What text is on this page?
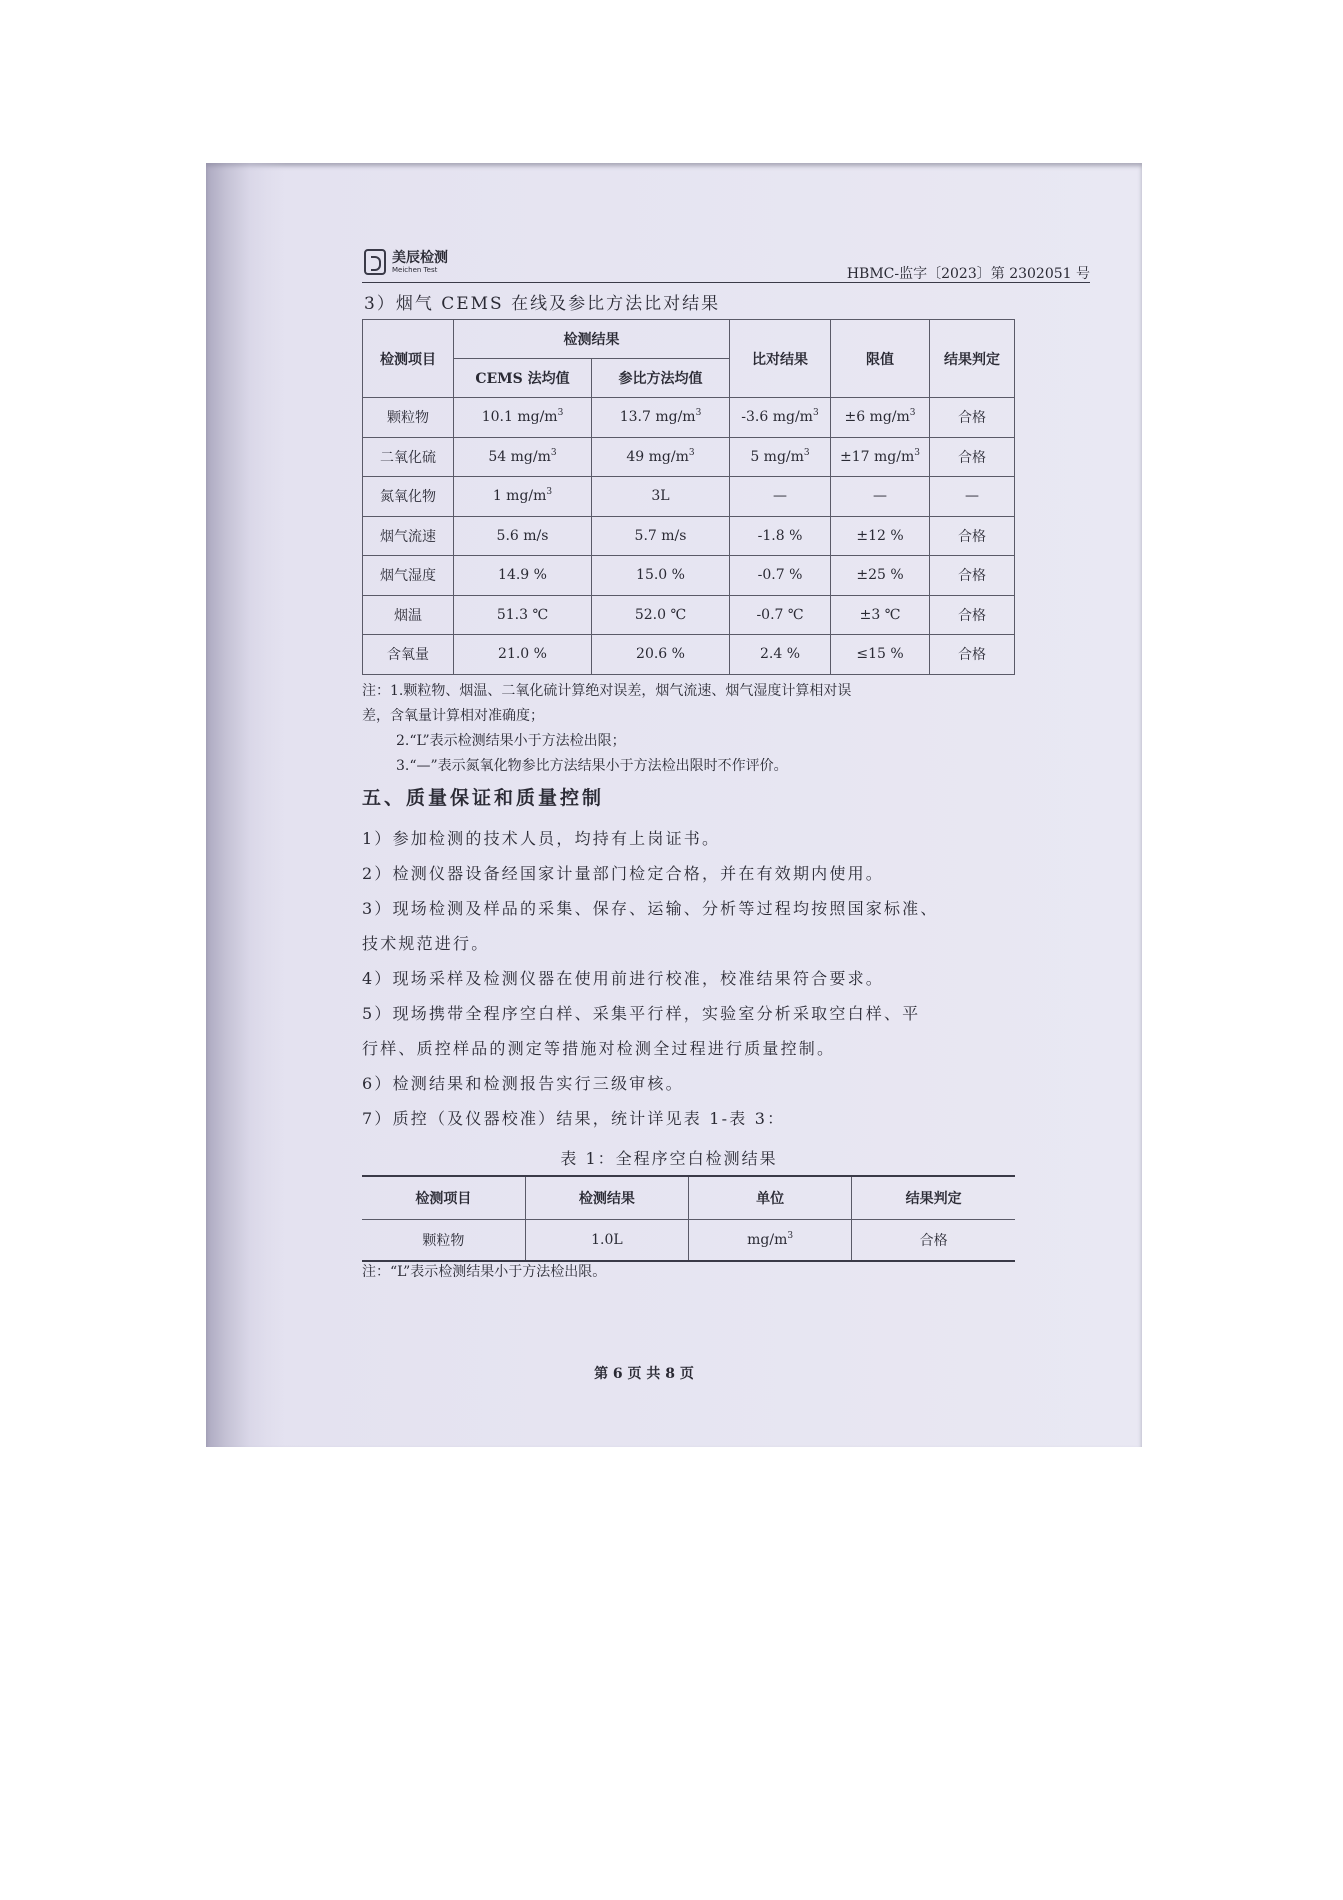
美辰检测
Meichen Test	HBMC-监字〔2023〕第 2302051 号
3）烟气 CEMS 在线及参比方法比对结果
检测项目	检测结果		比对结果	限值	结果判定
	CEMS 法均值	参比方法均值			
颗粒物	10.1 $mg/m^3$	13.7 $mg/m^3$	-3.6 $mg/m^3$	±6 $mg/m^3$	合格
二氧化硫	54 $mg/m^3$	49 $mg/m^3$	5 $mg/m^3$	±17 $mg/m^3$	合格
氮氧化物	1 $mg/m^3$	3L	—	—	—
烟气流速	5.6 m/s	5.7 m/s	-1.8 %	±12 %	合格
烟气湿度	14.9 %	15.0 %	-0.7 %	±25 %	合格
烟温	51.3 ℃	52.0 ℃	-0.7 ℃	±3 ℃	合格
含氧量	21.0 %	20.6 %	2.4 %	≤15 %	合格
注：1.颗粒物、烟温、二氧化硫计算绝对误差，烟气流速、烟气湿度计算相对误
差，含氧量计算相对准确度；
2.“L”表示检测结果小于方法检出限；
3.“—”表示氮氧化物参比方法结果小于方法检出限时不作评价。
五、质量保证和质量控制
1）参加检测的技术人员，均持有上岗证书。
2）检测仪器设备经国家计量部门检定合格，并在有效期内使用。
3）现场检测及样品的采集、保存、运输、分析等过程均按照国家标准、
技术规范进行。
4）现场采样及检测仪器在使用前进行校准，校准结果符合要求。
5）现场携带全程序空白样、采集平行样，实验室分析采取空白样、平
行样、质控样品的测定等措施对检测全过程进行质量控制。
6）检测结果和检测报告实行三级审核。
7）质控（及仪器校准）结果，统计详见表 1-表 3：
表 1：全程序空白检测结果
检测项目	检测结果	单位	结果判定
颗粒物	1.0L	$mg/m^3$	合格
注：“L”表示检测结果小于方法检出限。
第 6 页 共 8 页
